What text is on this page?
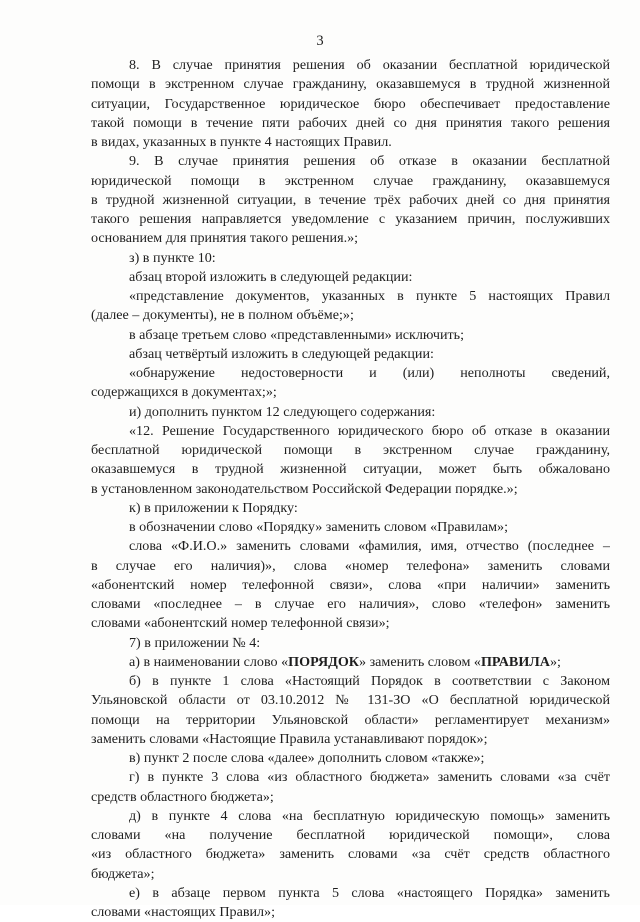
3
8. В случае принятия решения об оказании бесплатной юридической
помощи в экстренном случае гражданину, оказавшемуся в трудной жизненной
ситуации, Государственное юридическое бюро обеспечивает предоставление
такой помощи в течение пяти рабочих дней со дня принятия такого решения
в видах, указанных в пункте 4 настоящих Правил.
9. В случае принятия решения об отказе в оказании бесплатной
юридической помощи в экстренном случае гражданину, оказавшемуся
в трудной жизненной ситуации, в течение трёх рабочих дней со дня принятия
такого решения направляется уведомление с указанием причин, послуживших
основанием для принятия такого решения.»;
з) в пункте 10:
абзац второй изложить в следующей редакции:
«представление документов, указанных в пункте 5 настоящих Правил
(далее – документы), не в полном объёме;»;
в абзаце третьем слово «представленными» исключить;
абзац четвёртый изложить в следующей редакции:
«обнаружение недостоверности и (или) неполноты сведений,
содержащихся в документах;»;
и) дополнить пунктом 12 следующего содержания:
«12. Решение Государственного юридического бюро об отказе в оказании
бесплатной юридической помощи в экстренном случае гражданину,
оказавшемуся в трудной жизненной ситуации, может быть обжаловано
в установленном законодательством Российской Федерации порядке.»;
к) в приложении к Порядку:
в обозначении слово «Порядку» заменить словом «Правилам»;
слова «Ф.И.О.» заменить словами «фамилия, имя, отчество (последнее –
в случае его наличия)», слова «номер телефона» заменить словами
«абонентский номер телефонной связи», слова «при наличии» заменить
словами «последнее – в случае его наличия», слово «телефон» заменить
словами «абонентский номер телефонной связи»;
7) в приложении № 4:
а) в наименовании слово «ПОРЯДОК» заменить словом «ПРАВИЛА»;
б) в пункте 1 слова «Настоящий Порядок в соответствии с Законом
Ульяновской области от 03.10.2012 № 131-ЗО «О бесплатной юридической
помощи на территории Ульяновской области» регламентирует механизм»
заменить словами «Настоящие Правила устанавливают порядок»;
в) пункт 2 после слова «далее» дополнить словом «также»;
г) в пункте 3 слова «из областного бюджета» заменить словами «за счёт
средств областного бюджета»;
д) в пункте 4 слова «на бесплатную юридическую помощь» заменить
словами «на получение бесплатной юридической помощи», слова
«из областного бюджета» заменить словами «за счёт средств областного
бюджета»;
е) в абзаце первом пункта 5 слова «настоящего Порядка» заменить
словами «настоящих Правил»;
